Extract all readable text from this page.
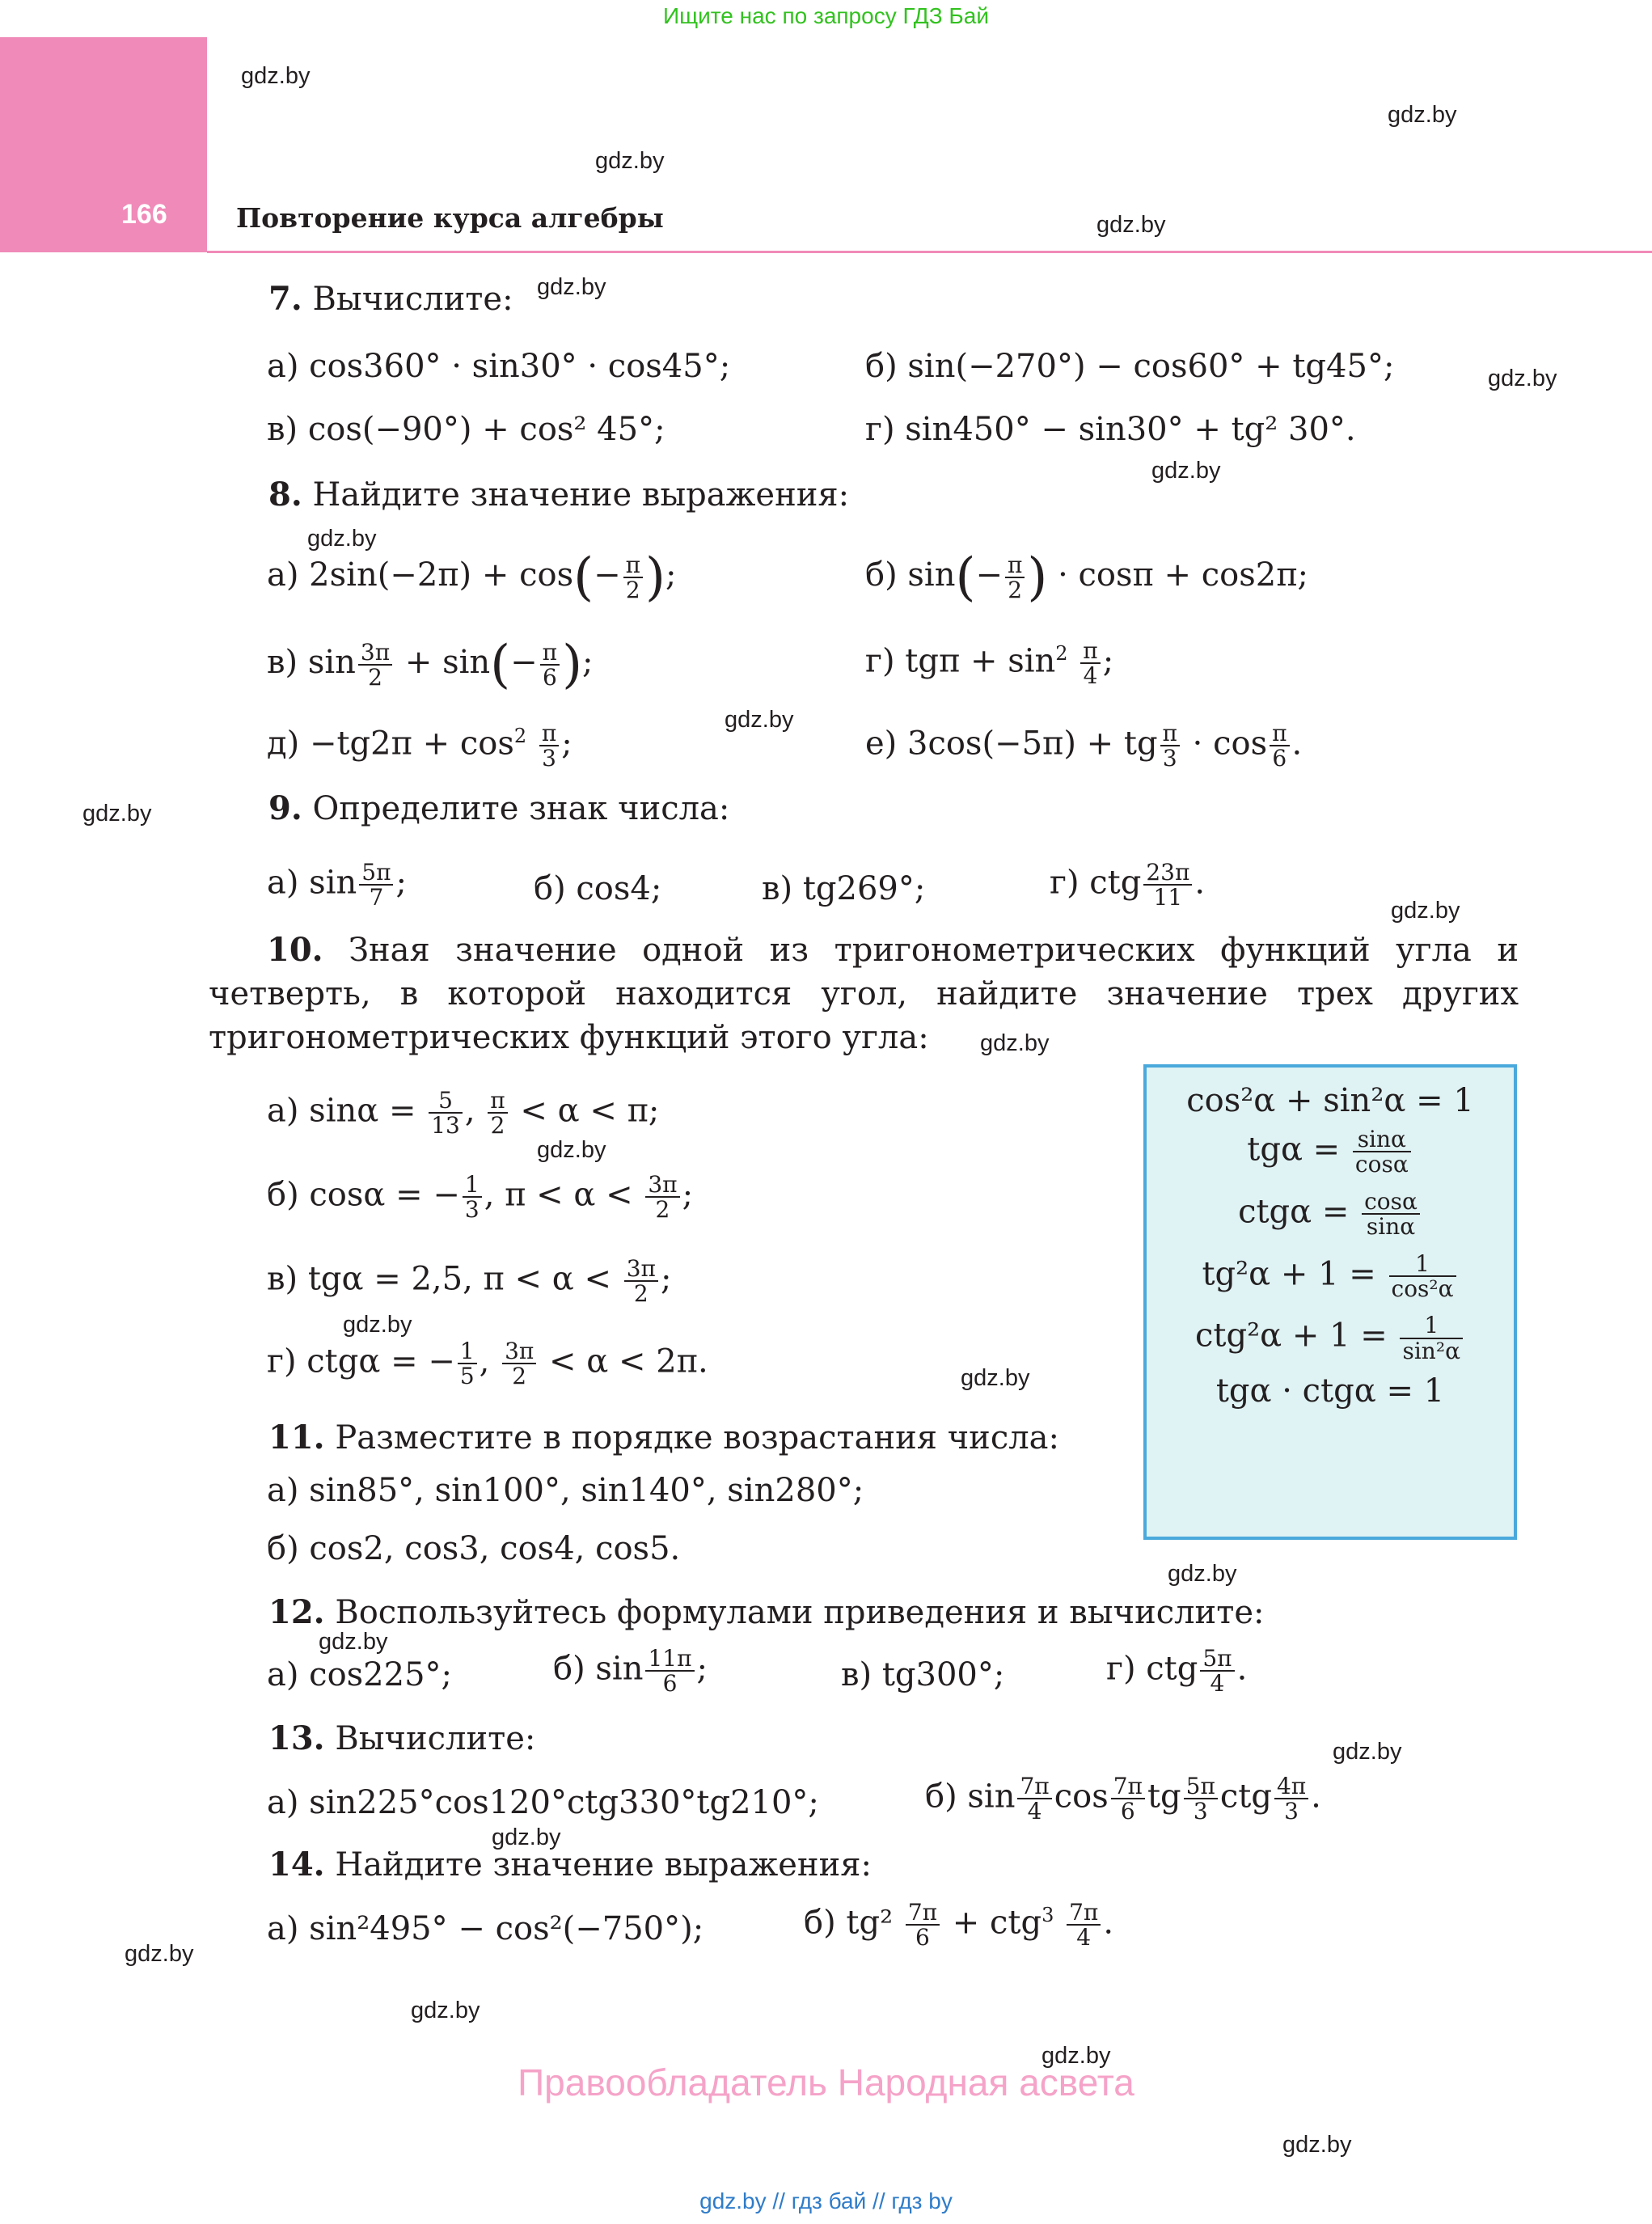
Ищите нас по запросу ГДЗ Бай
166	Повторение курса алгебры
gdz.by
gdz.by
gdz.by
gdz.by
gdz.by
gdz.by
gdz.by
gdz.by
gdz.by
gdz.by
gdz.by
gdz.by
gdz.by
gdz.by
gdz.by
gdz.by
gdz.by
gdz.by
gdz.by
gdz.by
gdz.by
gdz.by
gdz.by
7. Вычислите:
а) cos360° · sin30° · cos45°;	б) sin(−270°) − cos60° + tg45°;
в) cos(−90°) + cos² 45°;	г) sin450° − sin30° + tg² 30°.
8. Найдите значение выражения:
а) $2\sin(-2\pi) + \cos(- \frac{\pi}{2}$ );	б) $\sin(- \frac{\pi}{2}$ ) · cosπ + cos2π;
в) $\sin \frac{3\pi}{2} + \sin(- \frac{\pi}{6}$ );	г) $tg\pi + \sin^2 \frac{\pi}{4}$ ;
$д) -tg2\pi + \cos^2 \frac{\pi}{3}$ ;	е) 3cos(−5π) + tg $\frac{\pi}{3} \cdot \cos \frac{\pi}{6}$ .
9. Определите знак числа:
а) $\sin \frac{5\pi}{7}$ ;	б) cos4;	в) tg269°;	г) ctg $\frac{23\pi}{11}$ .
10. Зная значение одной из тригонометрических функций угла и четверть, в которой находится угол, найдите значение трех других тригонометрических функций этого угла:
а) $\sin\alpha = \frac{5}{13}$ , $\frac{\pi}{2} < \alpha < \pi$;
б) cosα = − $\frac{1}{3}$ , $\pi < \alpha < \frac{3\pi}{2}$ ;
в) tgα = 2,5, $\pi < \alpha < \frac{3\pi}{2}$ ;
г) ctgα = − $\frac{1}{5}$ , $\frac{3\pi}{2} < \alpha < 2\pi$.
cos²α + sin²α = 1
$tg\alpha = \frac{\sin\alpha}{\cos\alpha}$
$ctg\alpha = \frac{\cos\alpha}{\sin\alpha}$
$tg^2\alpha + 1 = \frac{1}{\text{cos²α}}$
$ctg^2\alpha + 1 = \frac{1}{\text{sin²α}}$
tgα · ctgα = 1
11. Разместите в порядке возрастания числа:
а) sin85°, sin100°, sin140°, sin280°;
б) cos2, cos3, cos4, cos5.
12. Воспользуйтесь формулами приведения и вычислите:
а) cos225°;	б) $\sin \frac{11\pi}{6}$ ;	в) tg300°;	г) ctg $\frac{5\pi}{4}$ .
13. Вычислите:
а) sin225°cos120°ctg330°tg210°;	б) $\sin \frac{7\pi}{4}$ $\cos \frac{7\pi}{6}$ tg $\frac{5\pi}{3}$ ctg $\frac{4\pi}{3}$ .
14. Найдите значение выражения:
а) sin²495° − cos²(−750°);	б) $tg^2 \frac{7\pi}{6} + ctg^3 \frac{7\pi}{4}$ .
Правообладатель Народная асвета
gdz.by // гдз бай // гдз by
